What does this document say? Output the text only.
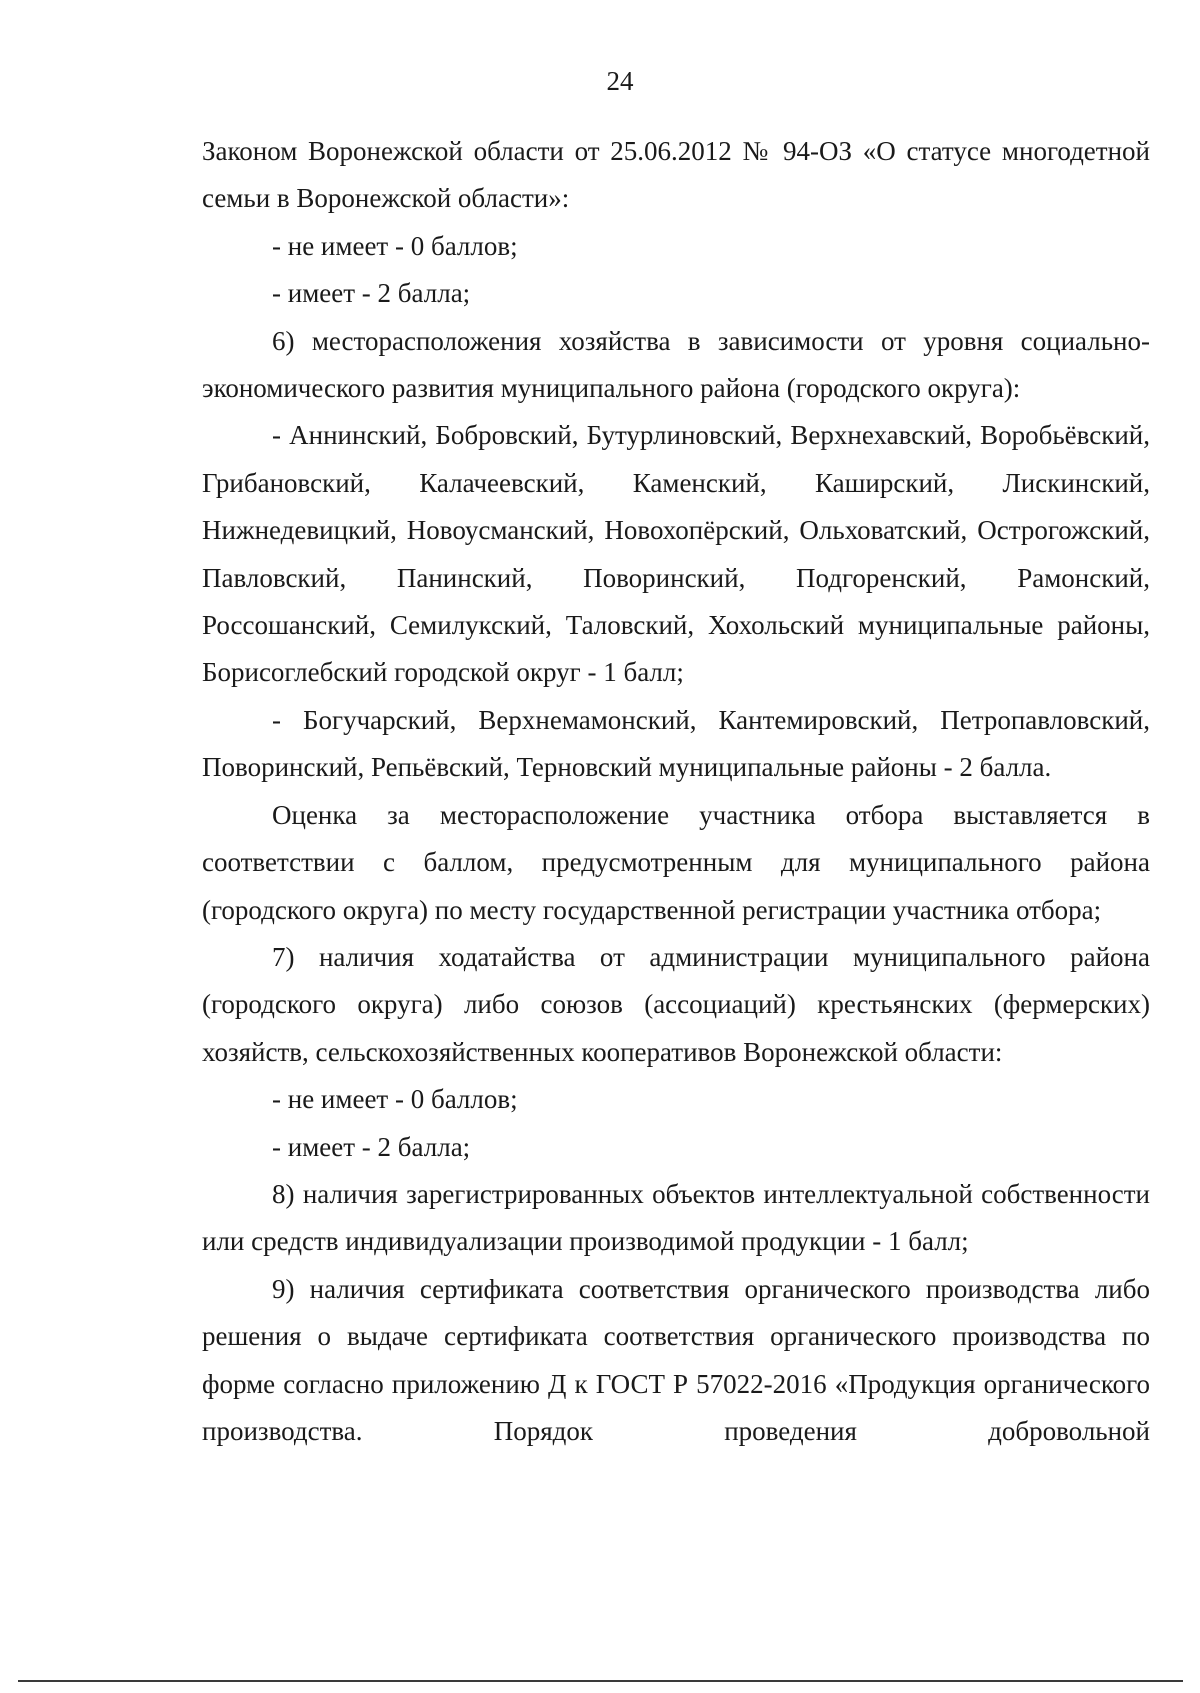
24

Законом Воронежской области от 25.06.2012 № 94-ОЗ «О статусе многодетной семьи в Воронежской области»:

- не имеет - 0 баллов;

- имеет - 2 балла;

6) месторасположения хозяйства в зависимости от уровня социально-экономического развития муниципального района (городского округа):

- Аннинский, Бобровский, Бутурлиновский, Верхнехавский, Воробьёвский, Грибановский, Калачеевский, Каменский, Каширский, Лискинский, Нижнедевицкий, Новоусманский, Новохопёрский, Ольховатский, Острогожский, Павловский, Панинский, Поворинский, Подгоренский, Рамонский, Россошанский, Семилукский, Таловский, Хохольский муниципальные районы, Борисоглебский городской округ - 1 балл;

- Богучарский, Верхнемамонский, Кантемировский, Петропавловский, Поворинский, Репьёвский, Терновский муниципальные районы - 2 балла.

Оценка за месторасположение участника отбора выставляется в соответствии с баллом, предусмотренным для муниципального района (городского округа) по месту государственной регистрации участника отбора;

7) наличия ходатайства от администрации муниципального района (городского округа) либо союзов (ассоциаций) крестьянских (фермерских) хозяйств, сельскохозяйственных кооперативов Воронежской области:

- не имеет - 0 баллов;

- имеет - 2 балла;

8) наличия зарегистрированных объектов интеллектуальной собственности или средств индивидуализации производимой продукции - 1 балл;

9) наличия сертификата соответствия органического производства либо решения о выдаче сертификата соответствия органического производства по форме согласно приложению Д к ГОСТ Р 57022-2016 «Продукция органического производства. Порядок проведения добровольной
